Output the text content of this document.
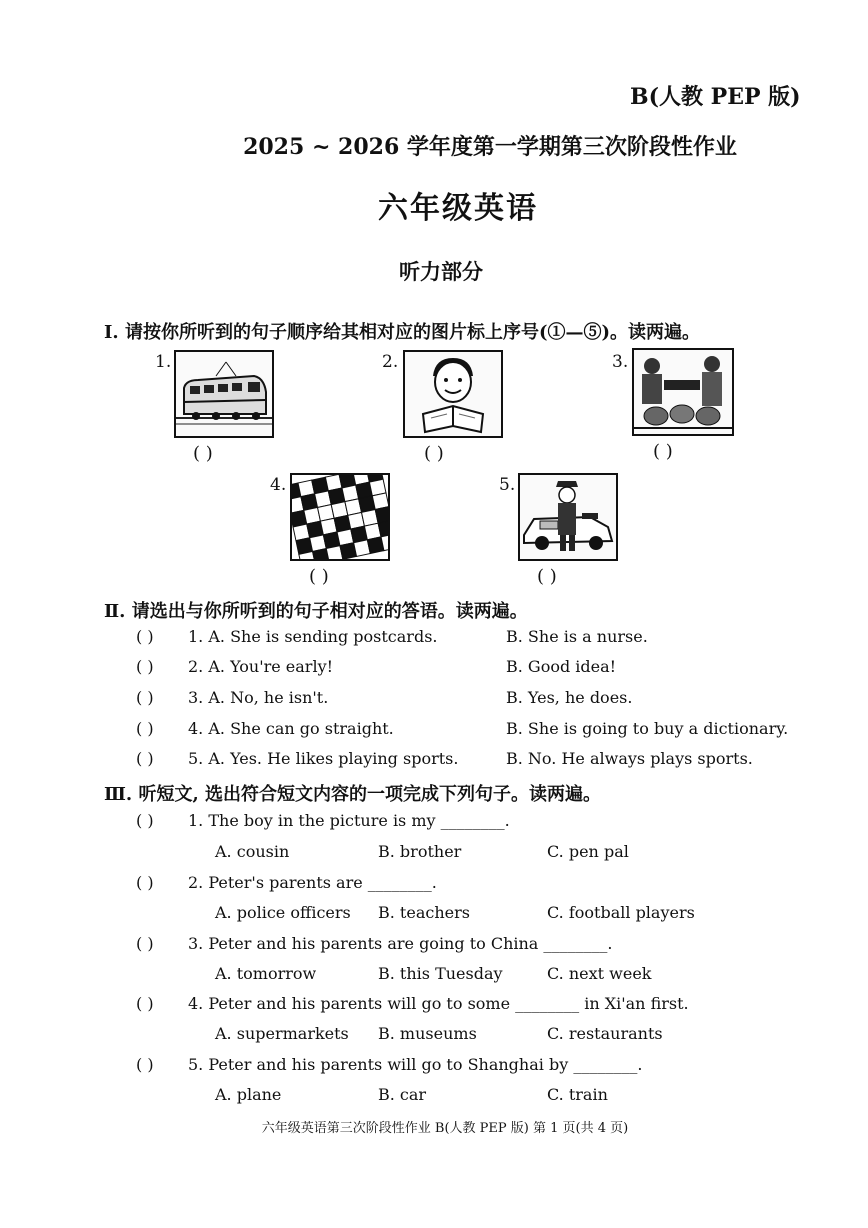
B(人教 PEP 版)
2025 ~ 2026 学年度第一学期第三次阶段性作业
六年级英语
听力部分
Ⅰ. 请按你所听到的句子顺序给其相对应的图片标上序号(①—⑤)。读两遍。
1.
( )
2.
( )
3.
( )
4.
( )
5.
( )
Ⅱ. 请选出与你所听到的句子相对应的答语。读两遍。
( ) 1. A. She is sending postcards.	B. She is a nurse.
( ) 2. A. You're early!	B. Good idea!
( ) 3. A. No, he isn't.	B. Yes, he does.
( ) 4. A. She can go straight.	B. She is going to buy a dictionary.
( ) 5. A. Yes. He likes playing sports.	B. No. He always plays sports.
Ⅲ. 听短文, 选出符合短文内容的一项完成下列句子。读两遍。
( ) 1. The boy in the picture is my ________.
A. cousin	B. brother	C. pen pal
( ) 2. Peter's parents are ________.
A. police officers B. teachers	C. football players
( ) 3. Peter and his parents are going to China ________.
A. tomorrow	B. this Tuesday	C. next week
( ) 4. Peter and his parents will go to some ________ in Xi'an first.
A. supermarkets B. museums	C. restaurants
( ) 5. Peter and his parents will go to Shanghai by ________.
A. plane	B. car	C. train
六年级英语第三次阶段性作业 B(人教 PEP 版) 第 1 页(共 4 页)
